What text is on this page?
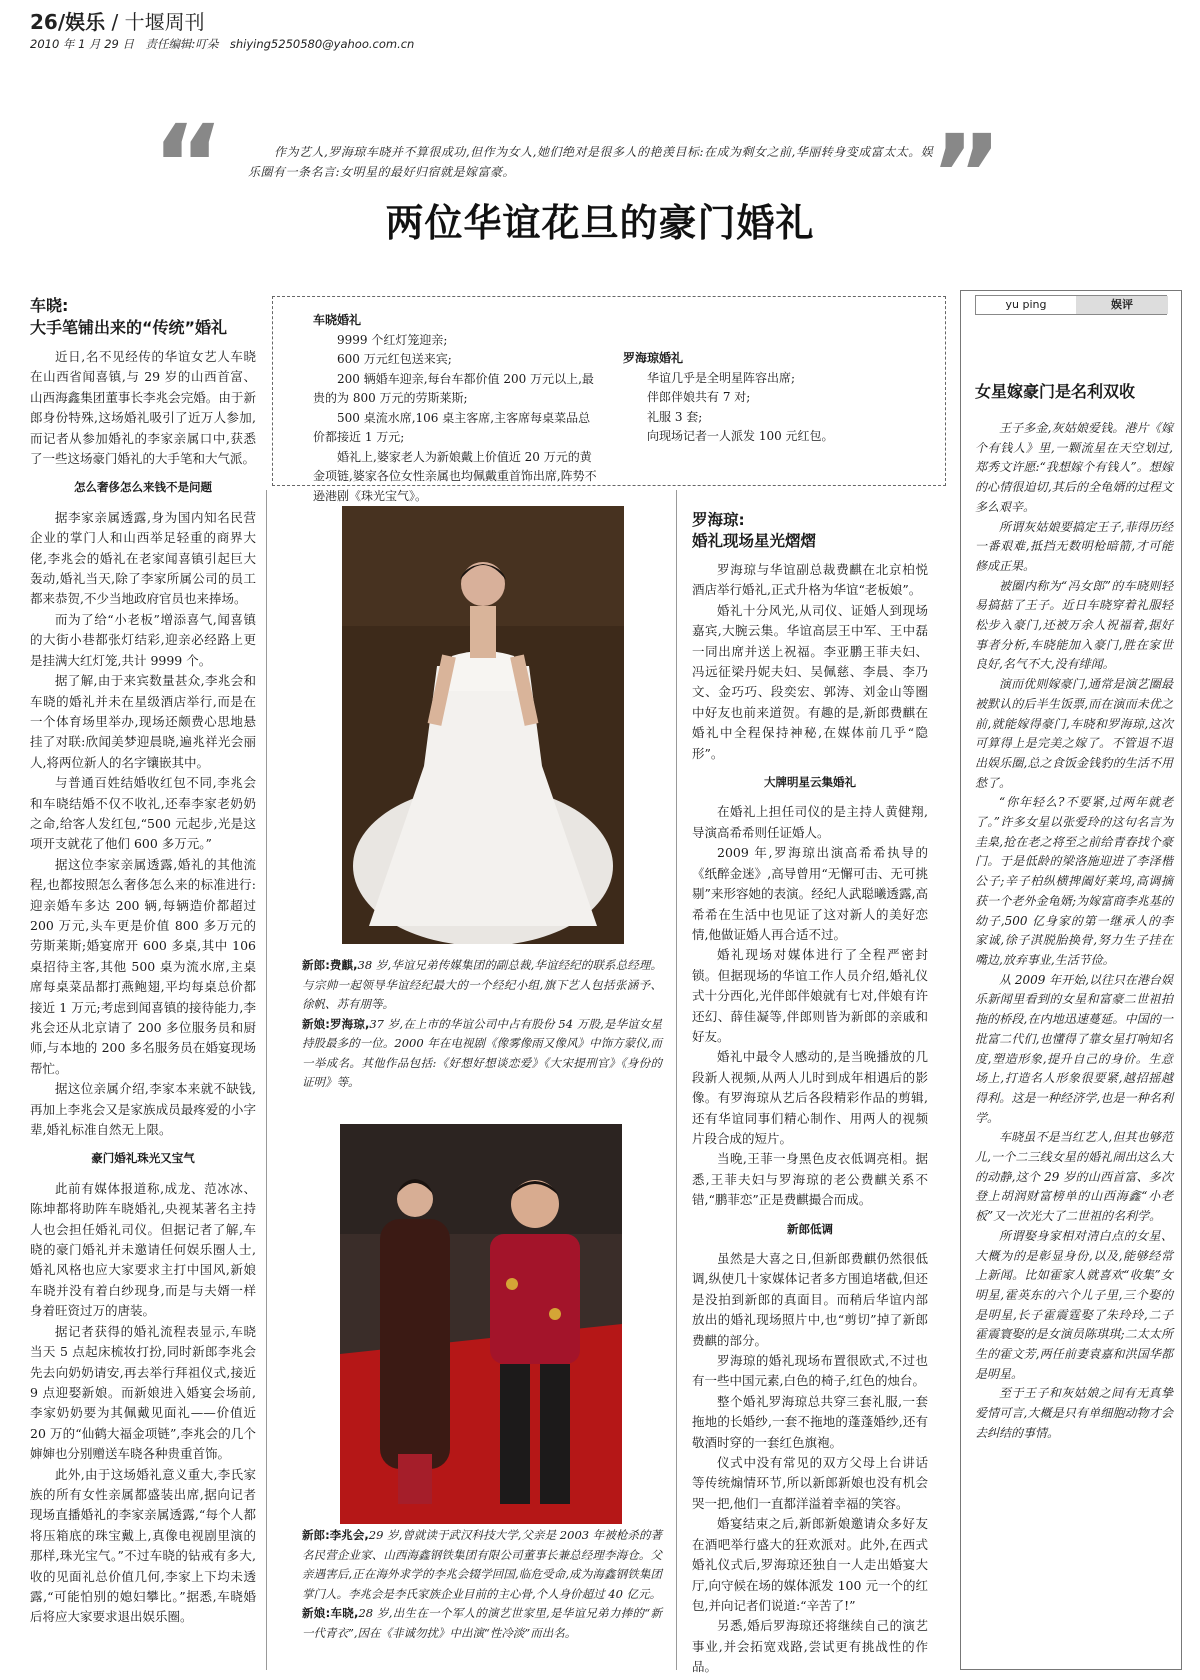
26/娱乐 / 十堰周刊
2010 年 1 月 29 日　责任编辑:叮朵　shiying5250580@yahoo.com.cn
“	”
作为艺人,罗海琼车晓并不算很成功,但作为女人,她们绝对是很多人的艳羡目标:在成为剩女之前,华丽转身变成富太太。娱乐圈有一条名言:女明星的最好归宿就是嫁富豪。
两位华谊花旦的豪门婚礼
车晓:
大手笔铺出来的“传统”婚礼

近日,名不见经传的华谊女艺人车晓在山西省闻喜镇,与 29 岁的山西首富、山西海鑫集团董事长李兆会完婚。由于新郎身份特殊,这场婚礼吸引了近万人参加,而记者从参加婚礼的李家亲属口中,获悉了一些这场豪门婚礼的大手笔和大气派。

怎么奢侈怎么来钱不是问题

据李家亲属透露,身为国内知名民营企业的掌门人和山西举足轻重的商界大佬,李兆会的婚礼在老家闻喜镇引起巨大轰动,婚礼当天,除了李家所属公司的员工都来恭贺,不少当地政府官员也来捧场。

而为了给“小老板”增添喜气,闻喜镇的大街小巷都张灯结彩,迎亲必经路上更是挂满大红灯笼,共计 9999 个。

据了解,由于来宾数量甚众,李兆会和车晓的婚礼并未在星级酒店举行,而是在一个体育场里举办,现场还颇费心思地悬挂了对联:欣闻美梦迎晨晓,遍兆祥光会丽人,将两位新人的名字镶嵌其中。

与普通百姓结婚收红包不同,李兆会和车晓结婚不仅不收礼,还奉李家老奶奶之命,给客人发红包,“500 元起步,光是这项开支就花了他们 600 多万元。”

据这位李家亲属透露,婚礼的其他流程,也都按照怎么奢侈怎么来的标准进行:迎亲婚车多达 200 辆,每辆造价都超过 200 万元,头车更是价值 800 多万元的劳斯莱斯;婚宴席开 600 多桌,其中 106 桌招待主客,其他 500 桌为流水席,主桌席每桌菜品都打燕鲍翅,平均每桌总价都接近 1 万元;考虑到闻喜镇的接待能力,李兆会还从北京请了 200 多位服务员和厨师,与本地的 200 多名服务员在婚宴现场帮忙。

据这位亲属介绍,李家本来就不缺钱,再加上李兆会又是家族成员最疼爱的小字辈,婚礼标准自然无上限。

豪门婚礼珠光又宝气

此前有媒体报道称,成龙、范冰冰、陈坤都将助阵车晓婚礼,央视某著名主持人也会担任婚礼司仪。但据记者了解,车晓的豪门婚礼并未邀请任何娱乐圈人士,婚礼风格也应大家要求主打中国风,新娘车晓并没有着白纱现身,而是与夫婿一样身着旺资过万的唐装。

据记者获得的婚礼流程表显示,车晓当天 5 点起床梳妆打扮,同时新郎李兆会先去向奶奶请安,再去举行拜祖仪式,接近 9 点迎娶新娘。而新娘进入婚宴会场前,李家奶奶要为其佩戴见面礼——价值近 20 万的“仙鹤大福金项链”,李兆会的几个婶婶也分别赠送车晓各种贵重首饰。

此外,由于这场婚礼意义重大,李氏家族的所有女性亲属都盛装出席,据向记者现场直播婚礼的李家亲属透露,“每个人都将压箱底的珠宝戴上,真像电视剧里演的那样,珠光宝气。”不过车晓的钻戒有多大,收的见面礼总价值几何,李家上下均未透露,“可能怕别的媳妇攀比。”据悉,车晓婚后将应大家要求退出娱乐圈。

车晓婚礼
9999 个红灯笼迎亲;
600 万元红包送来宾;
200 辆婚车迎亲,每台车都价值 200 万元以上,最贵的为 800 万元的劳斯莱斯;
500 桌流水席,106 桌主客席,主客席每桌菜品总价都接近 1 万元;
婚礼上,婆家老人为新娘戴上价值近 20 万元的黄金项链,婆家各位女性亲属也均佩戴重首饰出席,阵势不逊港剧《珠光宝气》。
罗海琼婚礼
华谊几乎是全明星阵容出席;
伴郎伴娘共有 7 对;
礼服 3 套;
向现场记者一人派发 100 元红包。
新郎:费麒,38 岁,华谊兄弟传媒集团的副总裁,华谊经纪的联系总经理。与宗帅一起领导华谊经纪最大的一个经纪小组,旗下艺人包括张涵予、徐帆、苏有朋等。
新娘:罗海琼,37 岁,在上市的华谊公司中占有股份 54 万股,是华谊女星持股最多的一位。2000 年在电视剧《像雾像雨又像风》中饰方蒙仪,而一举成名。其他作品包括:《好想好想谈恋爱》《大宋提刑官》《身份的证明》等。
新郎:李兆会,29 岁,曾就读于武汉科技大学,父亲是 2003 年被枪杀的著名民营企业家、山西海鑫钢铁集团有限公司董事长兼总经理李海仓。父亲遇害后,正在海外求学的李兆会辍学回国,临危受命,成为海鑫钢铁集团掌门人。李兆会是李氏家族企业目前的主心骨,个人身价超过 40 亿元。
新娘:车晓,28 岁,出生在一个军人的演艺世家里,是华谊兄弟力捧的“新一代青衣”,因在《非诚勿扰》中出演“性冷淡”而出名。
罗海琼:
婚礼现场星光熠熠

罗海琼与华谊副总裁费麒在北京柏悦酒店举行婚礼,正式升格为华谊“老板娘”。

婚礼十分风光,从司仪、证婚人到现场嘉宾,大腕云集。华谊高层王中军、王中磊一同出席并送上祝福。李亚鹏王菲夫妇、冯远征梁丹妮夫妇、吴佩慈、李晨、李乃文、金巧巧、段奕宏、郭涛、刘金山等圈中好友也前来道贺。有趣的是,新郎费麒在婚礼中全程保持神秘,在媒体前几乎“隐形”。

大牌明星云集婚礼

在婚礼上担任司仪的是主持人黄健翔,导演高希希则任证婚人。

2009 年,罗海琼出演高希希执导的《纸醉金迷》,高导曾用“无懈可击、无可挑剔”来形容她的表演。经纪人武聪曦透露,高希希在生活中也见证了这对新人的美好恋情,他做证婚人再合适不过。

婚礼现场对媒体进行了全程严密封锁。但据现场的华谊工作人员介绍,婚礼仪式十分西化,光伴郎伴娘就有七对,伴娘有许还幻、薛佳凝等,伴郎则皆为新郎的亲戚和好友。

婚礼中最令人感动的,是当晚播放的几段新人视频,从两人儿时到成年相遇后的影像。有罗海琼从艺后各段精彩作品的剪辑,还有华谊同事们精心制作、用两人的视频片段合成的短片。

当晚,王菲一身黑色皮衣低调亮相。据悉,王菲夫妇与罗海琼的老公费麒关系不错,“鹏菲恋”正是费麒撮合而成。

新郎低调

虽然是大喜之日,但新郎费麒仍然很低调,纵使几十家媒体记者多方围追堵截,但还是没拍到新郎的真面目。而稍后华谊内部放出的婚礼现场照片中,也“剪切”掉了新郎费麒的部分。

罗海琼的婚礼现场布置很欧式,不过也有一些中国元素,白色的椅子,红色的烛台。

整个婚礼罗海琼总共穿三套礼服,一套拖地的长婚纱,一套不拖地的蓬蓬婚纱,还有敬酒时穿的一套红色旗袍。

仪式中没有常见的双方父母上台讲话等传统煽情环节,所以新郎新娘也没有机会哭一把,他们一直都洋溢着幸福的笑容。

婚宴结束之后,新郎新娘邀请众多好友在酒吧举行盛大的狂欢派对。此外,在西式婚礼仪式后,罗海琼还独自一人走出婚宴大厅,向守候在场的媒体派发 100 元一个的红包,并向记者们说道:“辛苦了!”

另悉,婚后罗海琼还将继续自己的演艺事业,并会拓宽戏路,尝试更有挑战性的作品。

yu ping	娱评
女星嫁豪门是名利双收

王子多金,灰姑娘爱钱。港片《嫁个有钱人》里,一颗流星在天空划过,郑秀文许愿:“我想嫁个有钱人”。想嫁的心情很迫切,其后的全龟婿的过程文多么艰辛。

所谓灰姑娘要搞定王子,菲得历经一番艰难,抵挡无数明枪暗箭,才可能修成正果。

被圈内称为“冯女郎”的车晓则轻易搞掂了王子。近日车晓穿着礼服轻松步入豪门,还被万余人祝福着,据好事者分析,车晓能加入豪门,胜在家世良好,名气不大,没有绯闻。

演而优则嫁豪门,通常是演艺圈最被默认的后半生饭票,而在演而未优之前,就能嫁得豪门,车晓和罗海琼,这次可算得上是完美之嫁了。不管退不退出娱乐圈,总之食饭金钱豹的生活不用愁了。

“你年轻么?不要紧,过两年就老了。”许多女星以张爱玲的这句名言为圭臬,抢在老之将至之前给青春找个豪门。于是低龄的梁洛施迎进了李泽楷公子;辛子柏纵横捭阖好莱坞,高调摘获一个老外金龟婿;为嫁富商李兆基的幼子,500 亿身家的第一继承人的李家诚,徐子淇脱胎换骨,努力生子挂在嘴边,放弃事业,生活节俭。

从 2009 年开始,以往只在港台娱乐新闻里看到的女星和富豪二世祖拍拖的桥段,在内地迅速蔓延。中国的一批富二代们,也懂得了靠女星打响知名度,塑造形象,提升自己的身价。生意场上,打造名人形象很要紧,越招摇越得利。这是一种经济学,也是一种名利学。

车晓虽不是当红艺人,但其也够范儿,一个二三线女星的婚礼闹出这么大的动静,这个 29 岁的山西首富、多次登上胡润财富榜单的山西海鑫“小老板”又一次光大了二世祖的名利学。

所谓娶身家相对清白点的女星、大概为的是彰显身份,以及,能够经常上新闻。比如霍家人就喜欢“收集”女明星,霍英东的六个儿子里,三个娶的是明星,长子霍震霆娶了朱玲玲,二子霍震寰娶的是女演员陈琪琪;二太太所生的霍文芳,两任前妻袁嘉和洪国华都是明星。

至于王子和灰姑娘之间有无真挚爱情可言,大概是只有单细胞动物才会去纠结的事情。
